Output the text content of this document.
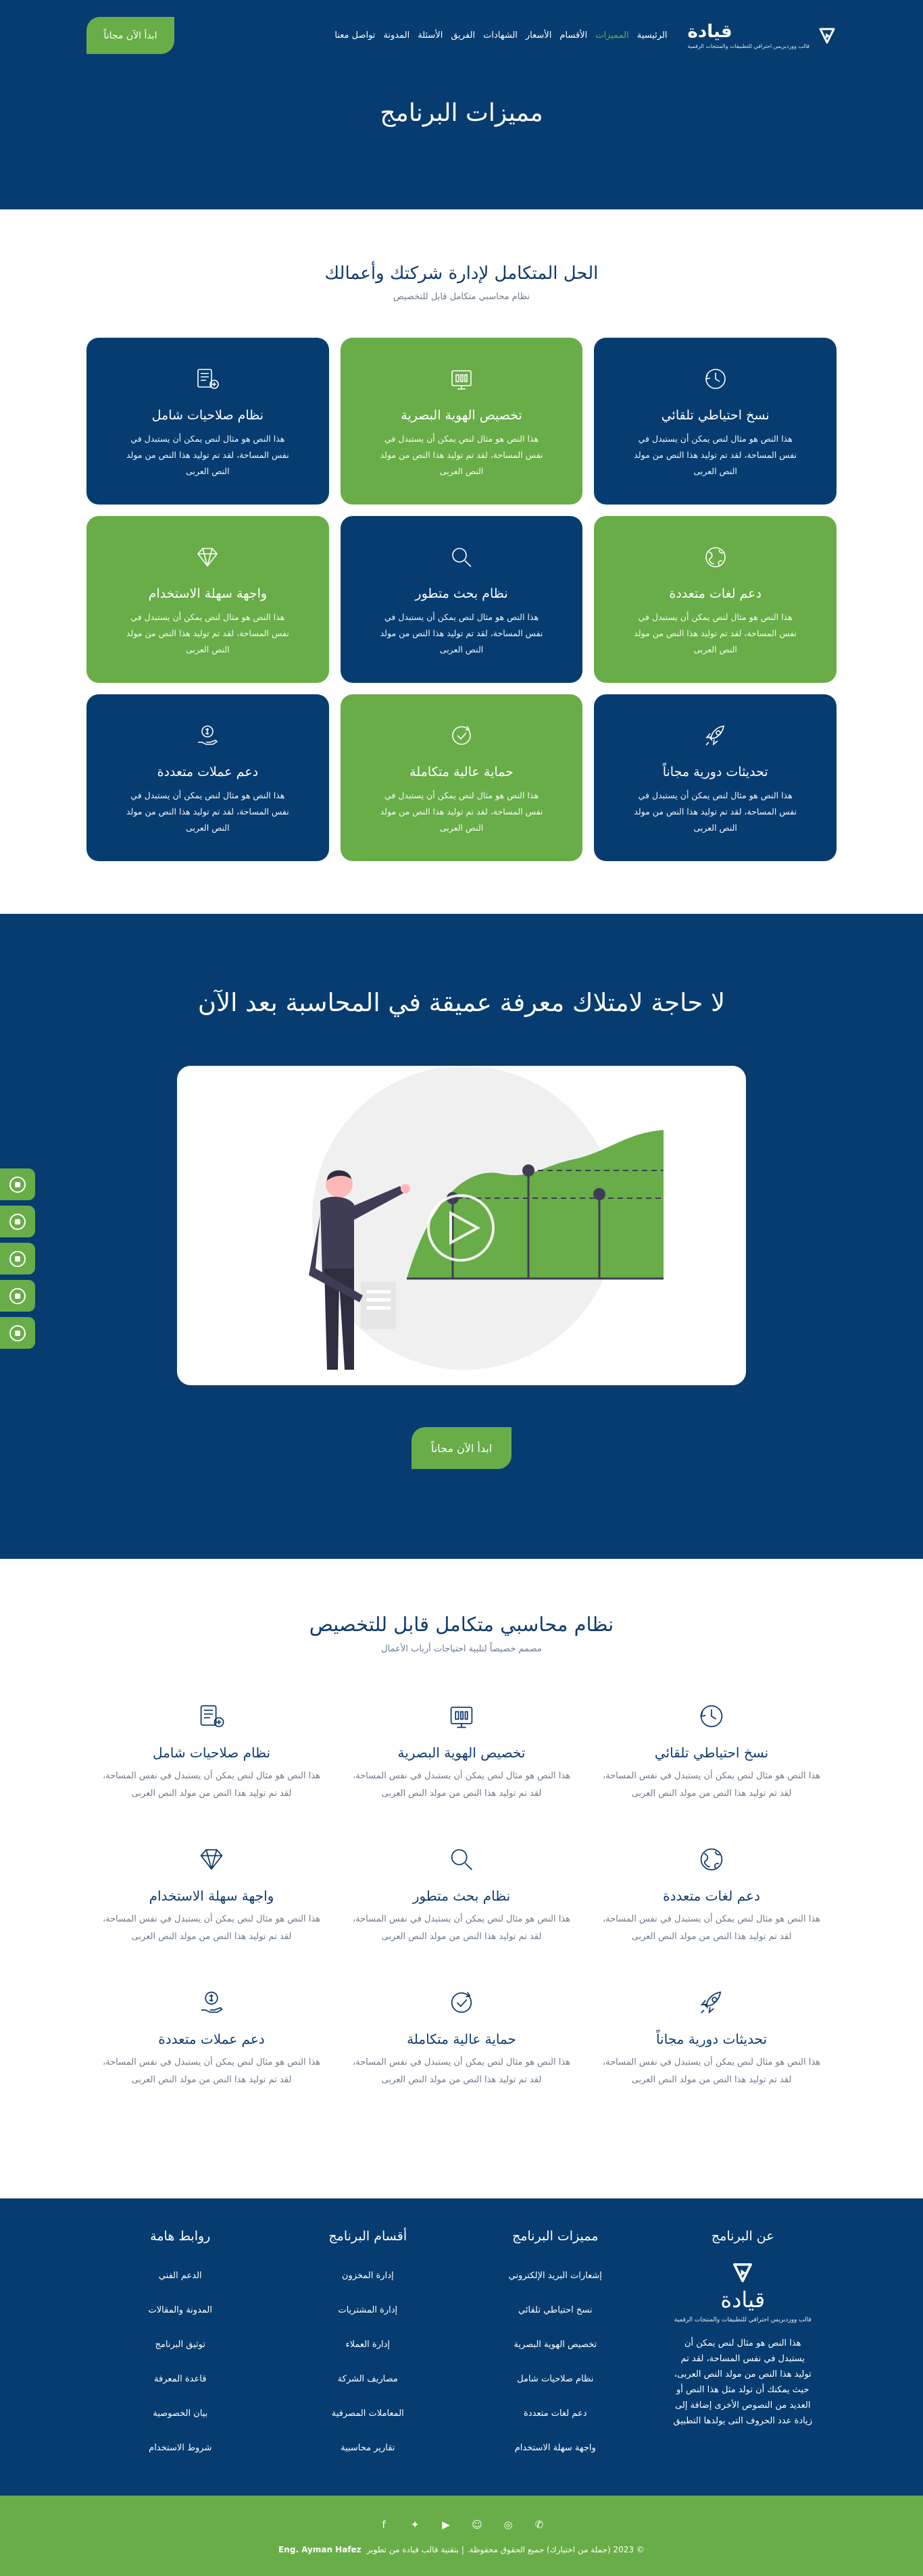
قيادة
قالب ووردبريس احترافي للتطبيقات والمنتجات الرقمية
الرئيسية
المميزات
الأقسام
الأسعار
الشهادات
الفريق
الأسئلة
المدونة
تواصل معنا
ابدأ الآن مجاناً
مميزات البرنامج
الحل المتكامل لإدارة شركتك وأعمالك

نظام محاسبي متكامل قابل للتخصيص

نسخ احتياطي تلقائي

هذا النص هو مثال لنص يمكن أن يستبدل في نفس المساحة، لقد تم توليد هذا النص من مولد النص العربى

تخصيص الهوية البصرية

هذا النص هو مثال لنص يمكن أن يستبدل في نفس المساحة، لقد تم توليد هذا النص من مولد النص العربى

نظام صلاحيات شامل

هذا النص هو مثال لنص يمكن أن يستبدل في نفس المساحة، لقد تم توليد هذا النص من مولد النص العربى

دعم لغات متعددة

هذا النص هو مثال لنص يمكن أن يستبدل في نفس المساحة، لقد تم توليد هذا النص من مولد النص العربى

نظام بحث متطور

هذا النص هو مثال لنص يمكن أن يستبدل في نفس المساحة، لقد تم توليد هذا النص من مولد النص العربى

واجهة سهلة الاستخدام

هذا النص هو مثال لنص يمكن أن يستبدل في نفس المساحة، لقد تم توليد هذا النص من مولد النص العربى

تحديثات دورية مجاناً

هذا النص هو مثال لنص يمكن أن يستبدل في نفس المساحة، لقد تم توليد هذا النص من مولد النص العربى

حماية عالية متكاملة

هذا النص هو مثال لنص يمكن أن يستبدل في نفس المساحة، لقد تم توليد هذا النص من مولد النص العربى

دعم عملات متعددة

هذا النص هو مثال لنص يمكن أن يستبدل في نفس المساحة، لقد تم توليد هذا النص من مولد النص العربى

لا حاجة لامتلاك معرفة عميقة في المحاسبة بعد الآن
ابدأ الآن مجاناً
نظام محاسبي متكامل قابل للتخصيص

مصمم خصيصاً لتلبية احتياجات أرباب الأعمال

نسخ احتياطي تلقائي

هذا النص هو مثال لنص يمكن أن يستبدل في نفس المساحة، لقد تم توليد هذا النص من مولد النص العربى

تخصيص الهوية البصرية

هذا النص هو مثال لنص يمكن أن يستبدل في نفس المساحة، لقد تم توليد هذا النص من مولد النص العربى

نظام صلاحيات شامل

هذا النص هو مثال لنص يمكن أن يستبدل في نفس المساحة، لقد تم توليد هذا النص من مولد النص العربى

دعم لغات متعددة

هذا النص هو مثال لنص يمكن أن يستبدل في نفس المساحة، لقد تم توليد هذا النص من مولد النص العربى

نظام بحث متطور

هذا النص هو مثال لنص يمكن أن يستبدل في نفس المساحة، لقد تم توليد هذا النص من مولد النص العربى

واجهة سهلة الاستخدام

هذا النص هو مثال لنص يمكن أن يستبدل في نفس المساحة، لقد تم توليد هذا النص من مولد النص العربى

تحديثات دورية مجاناً

هذا النص هو مثال لنص يمكن أن يستبدل في نفس المساحة، لقد تم توليد هذا النص من مولد النص العربى

حماية عالية متكاملة

هذا النص هو مثال لنص يمكن أن يستبدل في نفس المساحة، لقد تم توليد هذا النص من مولد النص العربى

دعم عملات متعددة

هذا النص هو مثال لنص يمكن أن يستبدل في نفس المساحة، لقد تم توليد هذا النص من مولد النص العربى

عن البرنامج
قيادة
قالب ووردبريس احترافي للتطبيقات والمنتجات الرقمية

هذا النص هو مثال لنص يمكن أن يستبدل في نفس المساحة، لقد تم توليد هذا النص من مولد النص العربى، حيث يمكنك أن تولد مثل هذا النص أو العديد من النصوص الأخرى إضافة إلى زيادة عدد الحروف التى يولدها التطبيق

مميزات البرنامج
إشعارات البريد الإلكتروني
نسخ احتياطي تلقائي
تخصيص الهوية البصرية
نظام صلاحيات شامل
دعم لغات متعددة
واجهة سهلة الاستخدام
أقسام البرنامج
إدارة المخزون
إدارة المشتريات
إدارة العملاء
مصاريف الشركة
المعاملات المصرفية
تقارير محاسبية
روابط هامة
الدعم الفني
المدونة والمقالات
توثيق البرنامج
قاعدة المعرفة
بيان الخصوصية
شروط الاستخدام
f	✦ ▶ ☺ ◎ ✆
© 2023 (جملة من اختيارك) جميع الحقوق محفوظة. | بتقنية قالب قيادة من تطوير
Eng. Ayman Hafez
